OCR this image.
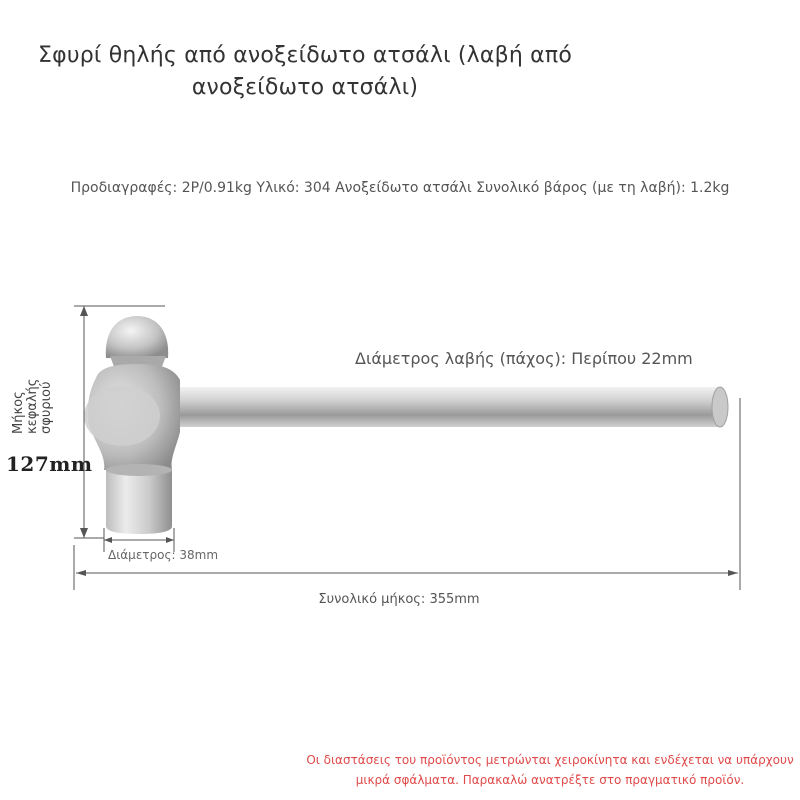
Σφυρί θηλής από ανοξείδωτο ατσάλι (λαβή από
ανοξείδωτο ατσάλι)
Προδιαγραφές: 2P/0.91kg Υλικό: 304 Ανοξείδωτο ατσάλι Συνολικό βάρος (με τη λαβή): 1.2kg
Διάμετρος λαβής (πάχος): Περίπου 22mm
Διάμετρος: 38mm
Συνολικό μήκος: 355mm
Μήκος κεφαλής σφυριού
127mm
Οι διαστάσεις του προϊόντος μετρώνται χειροκίνητα και ενδέχεται να υπάρχουν μικρά σφάλματα. Παρακαλώ ανατρέξτε στο πραγματικό προϊόν.
